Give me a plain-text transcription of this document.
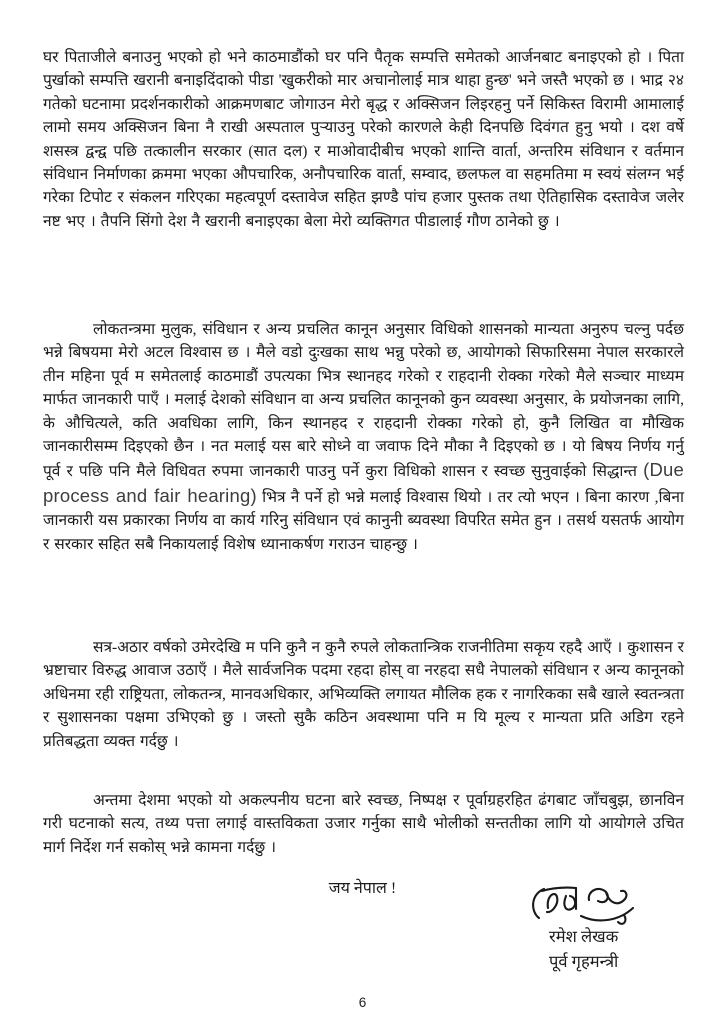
घर पिताजीले बनाउनु भएको हो भने काठमाडौंको घर पनि पैतृक सम्पत्ति समेतको आर्जनबाट बनाइएको हो । पिता पुर्खाको सम्पत्ति खरानी बनाइदिंदाको पीडा 'खुकरीको मार अचानोलाई मात्र थाहा हुन्छ' भने जस्तै भएको छ । भाद्र २४ गतेको घटनामा प्रदर्शनकारीको आक्रमणबाट जोगाउन मेरो बृद्ध र अक्सिजन लिइरहनु पर्ने सिकिस्त विरामी आमालाई लामो समय अक्सिजन बिना नै राखी अस्पताल पुऱ्याउनु परेको कारणले केही दिनपछि दिवंगत हुनु भयो । दश वर्षे शसस्त्र द्वन्द्व पछि तत्कालीन सरकार (सात दल) र माओवादीबीच भएको शान्ति वार्ता, अन्तरिम संविधान र वर्तमान संविधान निर्माणका क्रममा भएका औपचारिक, अनौपचारिक वार्ता, सम्वाद, छलफल वा सहमतिमा म स्वयं संलग्न भई गरेका टिपोट र संकलन गरिएका महत्वपूर्ण दस्तावेज सहित झण्डै पांच हजार पुस्तक तथा ऐतिहासिक दस्तावेज जलेर नष्ट भए । तैपनि सिंगो देश नै खरानी बनाइएका बेला मेरो व्यक्तिगत पीडालाई गौण ठानेको छु ।

लोकतन्त्रमा मुलुक, संविधान र अन्य प्रचलित कानून अनुसार विधिको शासनको मान्यता अनुरुप चल्नु पर्दछ भन्ने बिषयमा मेरो अटल विश्वास छ । मैले वडो दुःखका साथ भन्नु परेको छ, आयोगको सिफारिसमा नेपाल सरकारले तीन महिना पूर्व म समेतलाई काठमाडौं उपत्यका भित्र स्थानहद गरेको र राहदानी रोक्का गरेको मैले सञ्चार माध्यम मार्फत जानकारी पाएँ । मलाई देशको संविधान वा अन्य प्रचलित कानूनको कुन व्यवस्था अनुसार, के प्रयोजनका लागि, के औचित्यले, कति अवधिका लागि, किन स्थानहद र राहदानी रोक्का गरेको हो, कुनै लिखित वा मौखिक जानकारीसम्म दिइएको छैन । नत मलाई यस बारे सोध्ने वा जवाफ दिने मौका नै दिइएको छ । यो बिषय निर्णय गर्नु पूर्व र पछि पनि मैले विधिवत रुपमा जानकारी पाउनु पर्ने कुरा विधिको शासन र स्वच्छ सुनुवाईको सिद्धान्त (Due process and fair hearing) भित्र नै पर्ने हो भन्ने मलाई विश्वास थियो । तर त्यो भएन । बिना कारण ,बिना जानकारी यस प्रकारका निर्णय वा कार्य गरिनु संविधान एवं कानुनी ब्यवस्था विपरित समेत हुन । तसर्थ यसतर्फ आयोग र सरकार सहित सबै निकायलाई विशेष ध्यानाकर्षण गराउन चाहन्छु ।

सत्र-अठार वर्षको उमेरदेखि म पनि कुनै न कुनै रुपले लोकतान्त्रिक राजनीतिमा सकृय रहदै आएँ । कुशासन र भ्रष्टाचार विरुद्ध आवाज उठाएँ । मैले सार्वजनिक पदमा रहदा होस् वा नरहदा सधै नेपालको संविधान र अन्य कानूनको अधिनमा रही राष्ट्रियता, लोकतन्त्र, मानवअधिकार, अभिव्यक्ति लगायत मौलिक हक र नागरिकका सबै खाले स्वतन्त्रता र सुशासनका पक्षमा उभिएको छु । जस्तो सुकै कठिन अवस्थामा पनि म यि मूल्य र मान्यता प्रति अडिग रहने प्रतिबद्धता व्यक्त गर्दछु ।

अन्तमा देशमा भएको यो अकल्पनीय घटना बारे स्वच्छ, निष्पक्ष र पूर्वाग्रहरहित ढंगबाट जाँचबुझ, छानविन गरी घटनाको सत्य, तथ्य पत्ता लगाई वास्तविकता उजार गर्नुका साथै भोलीको सन्ततीका लागि यो आयोगले उचित मार्ग निर्देश गर्न सकोस् भन्ने कामना गर्दछु ।

जय नेपाल !
रमेश लेखक
पूर्व गृहमन्त्री
6
